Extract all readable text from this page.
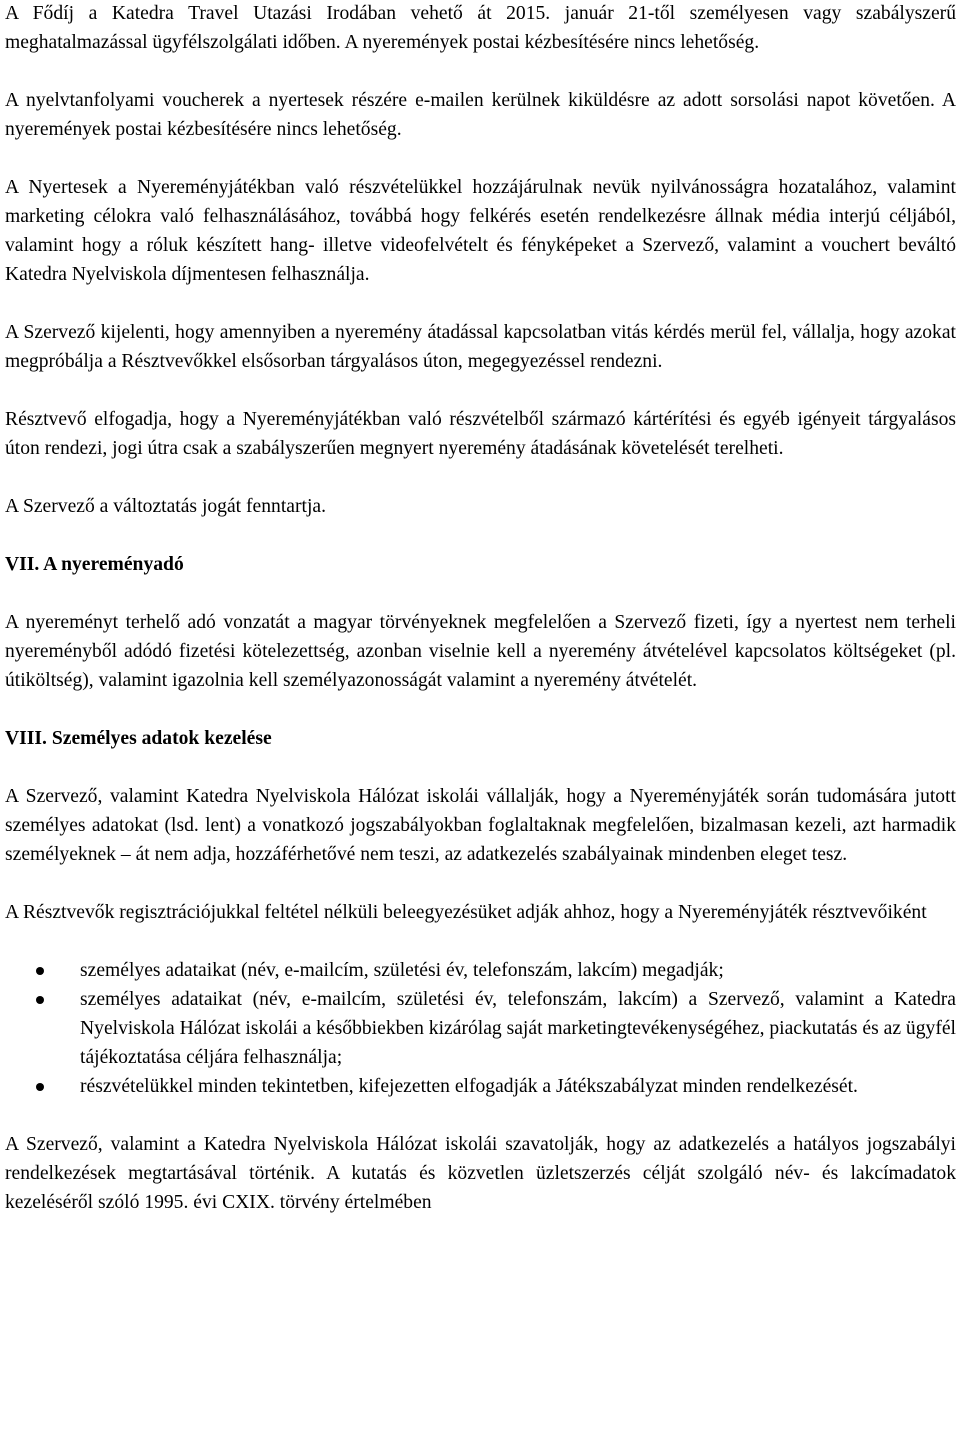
A Fődíj a Katedra Travel Utazási Irodában vehető át 2015. január 21-től személyesen vagy szabályszerű meghatalmazással ügyfélszolgálati időben. A nyeremények postai kézbesítésére nincs lehetőség.

A nyelvtanfolyami voucherek a nyertesek részére e-mailen kerülnek kiküldésre az adott sorsolási napot követően. A nyeremények postai kézbesítésére nincs lehetőség.

A Nyertesek a Nyereményjátékban való részvételükkel hozzájárulnak nevük nyilvánosságra hozatalához, valamint marketing célokra való felhasználásához, továbbá hogy felkérés esetén rendelkezésre állnak média interjú céljából, valamint hogy a róluk készített hang- illetve videofelvételt és fényképeket a Szervező, valamint a vouchert beváltó Katedra Nyelviskola díjmentesen felhasználja.

A Szervező kijelenti, hogy amennyiben a nyeremény átadással kapcsolatban vitás kérdés merül fel, vállalja, hogy azokat megpróbálja a Résztvevőkkel elsősorban tárgyalásos úton, megegyezéssel rendezni.

Résztvevő elfogadja, hogy a Nyereményjátékban való részvételből származó kártérítési és egyéb igényeit tárgyalásos úton rendezi, jogi útra csak a szabályszerűen megnyert nyeremény átadásának követelését terelheti.

A Szervező a változtatás jogát fenntartja.

VII. A nyereményadó

A nyereményt terhelő adó vonzatát a magyar törvényeknek megfelelően a Szervező fizeti, így a nyertest nem terheli nyereményből adódó fizetési kötelezettség, azonban viselnie kell a nyeremény átvételével kapcsolatos költségeket (pl. útiköltség), valamint igazolnia kell személyazonosságát valamint a nyeremény átvételét.

VIII. Személyes adatok kezelése

A Szervező, valamint Katedra Nyelviskola Hálózat iskolái vállalják, hogy a Nyereményjáték során tudomására jutott személyes adatokat (lsd. lent) a vonatkozó jogszabályokban foglaltaknak megfelelően, bizalmasan kezeli, azt harmadik személyeknek – át nem adja, hozzáférhetővé nem teszi, az adatkezelés szabályainak mindenben eleget tesz.

A Résztvevők regisztrációjukkal feltétel nélküli beleegyezésüket adják ahhoz, hogy a Nyereményjáték résztvevőiként

személyes adataikat (név, e-mailcím, születési év, telefonszám, lakcím) megadják;
személyes adataikat (név, e-mailcím, születési év, telefonszám, lakcím) a Szervező, valamint a Katedra Nyelviskola Hálózat iskolái a későbbiekben kizárólag saját marketingtevékenységéhez, piackutatás és az ügyfél tájékoztatása céljára felhasználja;
részvételükkel minden tekintetben, kifejezetten elfogadják a Játékszabályzat minden rendelkezését.

A Szervező, valamint a Katedra Nyelviskola Hálózat iskolái szavatolják, hogy az adatkezelés a hatályos jogszabályi rendelkezések megtartásával történik. A kutatás és közvetlen üzletszerzés célját szolgáló név- és lakcímadatok kezeléséről szóló 1995. évi CXIX. törvény értelmében
